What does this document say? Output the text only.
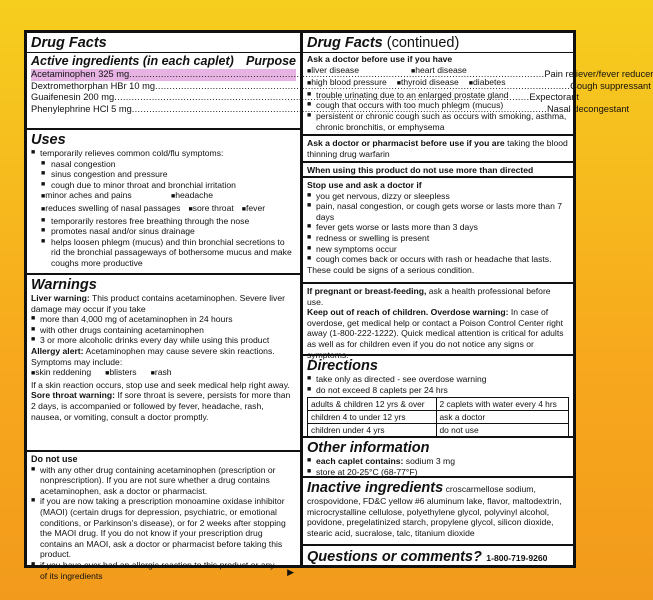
Drug Facts
Active ingredients (in each caplet) Purpose
Acetaminophen 325 mg .....	Pain reliever/fever reducer
Dextromethorphan HBr 10 mg .....	Cough suppressant
Guaifenesin 200 mg .....	Expectorant
Phenylephrine HCl 5 mg .....	Nasal decongestant
Uses
■ temporarily relieves common cold/flu symptoms:
■ nasal congestion
■ sinus congestion and pressure
■ cough due to minor throat and bronchial irritation
■ minor aches and pains	■ headache
■ reduces swelling of nasal passages ■ sore throat ■ fever
■ temporarily restores free breathing through the nose
■ promotes nasal and/or sinus drainage
■ helps loosen phlegm (mucus) and thin bronchial secretions to rid the bronchial passageways of bothersome mucus and make coughs more productive
Warnings
Liver warning: This product contains acetaminophen. Severe liver damage may occur if you take
■ more than 4,000 mg of acetaminophen in 24 hours
■ with other drugs containing acetaminophen
■ 3 or more alcoholic drinks every day while using this product
Allergy alert: Acetaminophen may cause severe skin reactions. Symptoms may include:
■ skin reddening ■ blisters ■ rash
If a skin reaction occurs, stop use and seek medical help right away.
Sore throat warning: If sore throat is severe, persists for more than 2 days, is accompanied or followed by fever, headache, rash, nausea, or vomiting, consult a doctor promptly.
Do not use
■ with any other drug containing acetaminophen (prescription or nonprescription). If you are not sure whether a drug contains acetaminophen, ask a doctor or pharmacist.
■ if you are now taking a prescription monoamine oxidase inhibitor (MAOI) (certain drugs for depression, psychiatric, or emotional conditions, or Parkinson's disease), or for 2 weeks after stopping the MAOI drug. If you do not know if your prescription drug contains an MAOI, ask a doctor or pharmacist before taking this product.
■ if you have ever had an allergic reaction to this product or any of its ingredients	▶
Drug Facts (continued)
Ask a doctor before use if you have
■ liver disease	■ heart disease
■ high blood pressure ■ thyroid disease ■ diabetes
■ trouble urinating due to an enlarged prostate gland
■ cough that occurs with too much phlegm (mucus)
■ persistent or chronic cough such as occurs with smoking, asthma, chronic bronchitis, or emphysema
Ask a doctor or pharmacist before use if you are taking the blood thinning drug warfarin
When using this product do not use more than directed
Stop use and ask a doctor if
■ you get nervous, dizzy or sleepless
■ pain, nasal congestion, or cough gets worse or lasts more than 7 days
■ fever gets worse or lasts more than 3 days
■ redness or swelling is present
■ new symptoms occur
■ cough comes back or occurs with rash or headache that lasts.
These could be signs of a serious condition.
If pregnant or breast-feeding, ask a health professional before use.
Keep out of reach of children. Overdose warning: In case of overdose, get medical help or contact a Poison Control Center right away (1-800-222-1222). Quick medical attention is critical for adults as well as for children even if you do not notice any signs or symptoms.
Directions
■ take only as directed - see overdose warning
■ do not exceed 8 caplets per 24 hrs
adults & children 12 yrs & over	2 caplets with water every 4 hrs
children 4 to under 12 yrs	ask a doctor
children under 4 yrs	do not use
Other information
■ each caplet contains: sodium 3 mg
■ store at 20-25°C (68-77°F)
Inactive ingredients croscarmellose sodium, crospovidone, FD&C yellow #6 aluminum lake, flavor, maltodextrin, microcrystalline cellulose, polyethylene glycol, polyvinyl alcohol, povidone, pregelatinized starch, propylene glycol, silicon dioxide, stearic acid, sucralose, talc, titanium dioxide
Questions or comments? 1-800-719-9260
